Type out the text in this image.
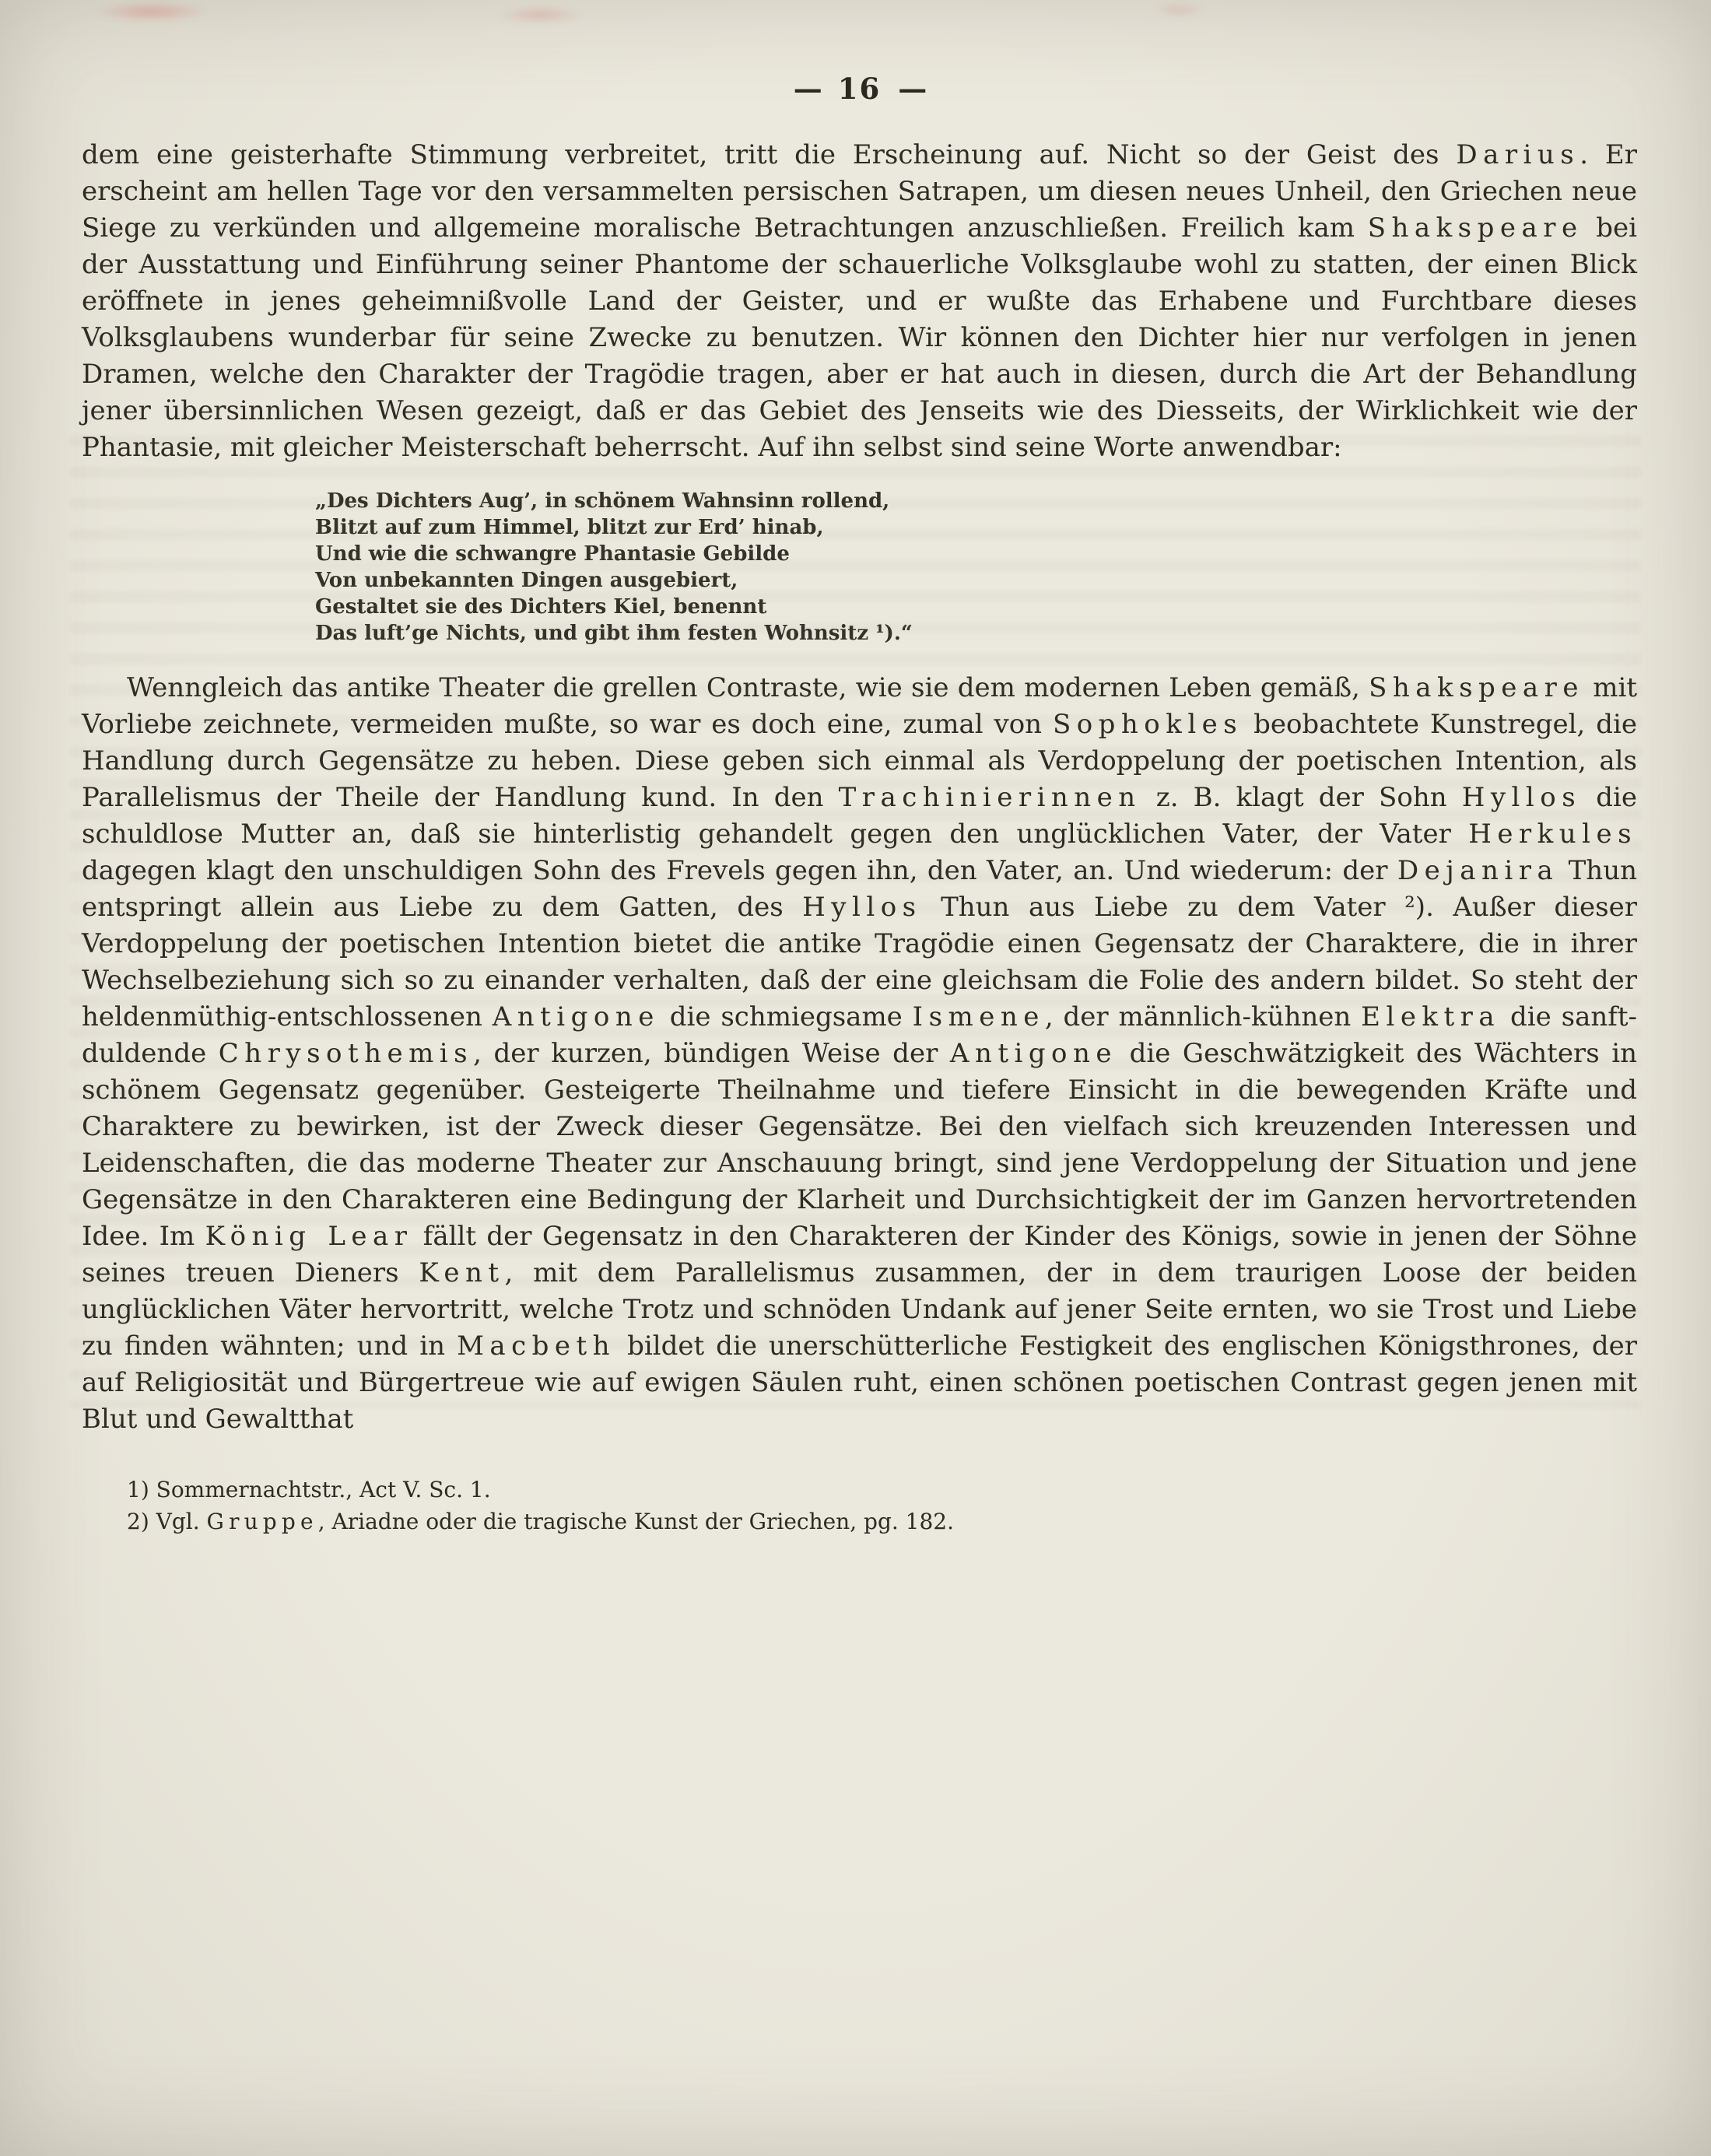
— 16 —

dem eine geisterhafte Stimmung verbreitet, tritt die Erscheinung auf. Nicht so der Geist des Darius. Er erscheint am hellen Tage vor den versammelten persischen Satrapen, um diesen neues Unheil, den Griechen neue Siege zu verkünden und allgemeine moralische Betrachtungen anzuschließen. Freilich kam Shakspeare bei der Ausstattung und Einführung seiner Phantome der schauerliche Volksglaube wohl zu statten, der einen Blick eröffnete in jenes geheimnißvolle Land der Geister, und er wußte das Erhabene und Furchtbare dieses Volksglaubens wunderbar für seine Zwecke zu benutzen. Wir können den Dichter hier nur verfolgen in jenen Dramen, welche den Charakter der Tragödie tragen, aber er hat auch in diesen, durch die Art der Behandlung jener übersinnlichen Wesen gezeigt, daß er das Gebiet des Jenseits wie des Diesseits, der Wirklichkeit wie der Phantasie, mit gleicher Meisterschaft beherrscht. Auf ihn selbst sind seine Worte anwendbar:

„Des Dichters Aug’, in schönem Wahnsinn rollend,
Blitzt auf zum Himmel, blitzt zur Erd’ hinab,
Und wie die schwangre Phantasie Gebilde
Von unbekannten Dingen ausgebiert,
Gestaltet sie des Dichters Kiel, benennt
Das luft’ge Nichts, und gibt ihm festen Wohnsitz ¹).“

Wenngleich das antike Theater die grellen Contraste, wie sie dem modernen Leben gemäß, Shakspeare mit Vorliebe zeichnete, vermeiden mußte, so war es doch eine, zumal von Sophokles beobachtete Kunstregel, die Handlung durch Gegensätze zu heben. Diese geben sich einmal als Verdoppelung der poetischen Intention, als Parallelismus der Theile der Handlung kund. In den Trachinierinnen z. B. klagt der Sohn Hyllos die schuldlose Mutter an, daß sie hinterlistig gehandelt gegen den unglücklichen Vater, der Vater Herkules dagegen klagt den unschuldigen Sohn des Frevels gegen ihn, den Vater, an. Und wiederum: der Dejanira Thun entspringt allein aus Liebe zu dem Gatten, des Hyllos Thun aus Liebe zu dem Vater ²). Außer dieser Verdoppelung der poetischen Intention bietet die antike Tragödie einen Gegensatz der Charaktere, die in ihrer Wechselbeziehung sich so zu einander verhalten, daß der eine gleichsam die Folie des andern bildet. So steht der heldenmüthig-entschlossenen Antigone die schmiegsame Ismene, der männlich-kühnen Elektra die sanft-duldende Chrysothemis, der kurzen, bündigen Weise der Antigone die Geschwätzigkeit des Wächters in schönem Gegensatz gegenüber. Gesteigerte Theilnahme und tiefere Einsicht in die bewegenden Kräfte und Charaktere zu bewirken, ist der Zweck dieser Gegensätze. Bei den vielfach sich kreuzenden Interessen und Leidenschaften, die das moderne Theater zur Anschauung bringt, sind jene Verdoppelung der Situation und jene Gegensätze in den Charakteren eine Bedingung der Klarheit und Durchsichtigkeit der im Ganzen hervortretenden Idee. Im König Lear fällt der Gegensatz in den Charakteren der Kinder des Königs, sowie in jenen der Söhne seines treuen Dieners Kent, mit dem Parallelismus zusammen, der in dem traurigen Loose der beiden unglücklichen Väter hervortritt, welche Trotz und schnöden Undank auf jener Seite ernten, wo sie Trost und Liebe zu finden wähnten; und in Macbeth bildet die unerschütterliche Festigkeit des englischen Königsthrones, der auf Religiosität und Bürgertreue wie auf ewigen Säulen ruht, einen schönen poetischen Contrast gegen jenen mit Blut und Gewaltthat

1) Sommernachtstr., Act V. Sc. 1.

2) Vgl. Gruppe, Ariadne oder die tragische Kunst der Griechen, pg. 182.
